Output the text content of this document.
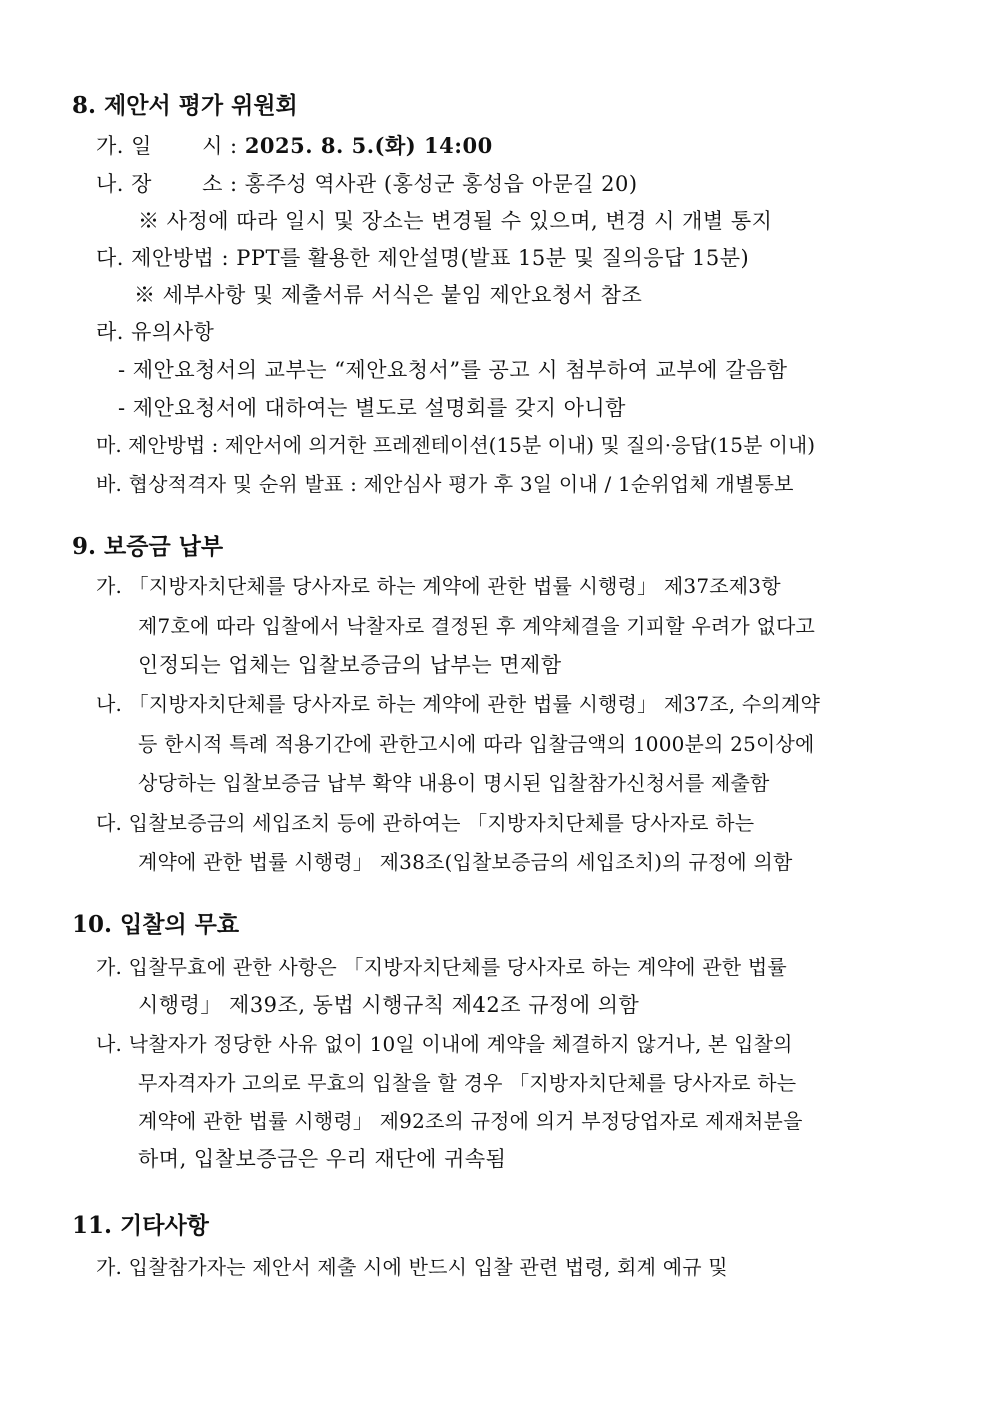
8. 제안서 평가 위원회
가. 일　 　시 : 2025. 8. 5.(화) 14:00
나. 장　 　소 : 홍주성 역사관 (홍성군 홍성읍 아문길 20)
※ 사정에 따라 일시 및 장소는 변경될 수 있으며, 변경 시 개별 통지
다. 제안방법 : PPT를 활용한 제안설명(발표 15분 및 질의응답 15분)
※ 세부사항 및 제출서류 서식은 붙임 제안요청서 참조
라. 유의사항
- 제안요청서의 교부는 “제안요청서”를 공고 시 첨부하여 교부에 갈음함
- 제안요청서에 대하여는 별도로 설명회를 갖지 아니함
마. 제안방법 : 제안서에 의거한 프레젠테이션(15분 이내) 및 질의·응답(15분 이내)
바. 협상적격자 및 순위 발표 : 제안심사 평가 후 3일 이내 / 1순위업체 개별통보
9. 보증금 납부
가. 「지방자치단체를 당사자로 하는 계약에 관한 법률 시행령」 제37조제3항
제7호에 따라 입찰에서 낙찰자로 결정된 후 계약체결을 기피할 우려가 없다고
인정되는 업체는 입찰보증금의 납부는 면제함
나. 「지방자치단체를 당사자로 하는 계약에 관한 법률 시행령」 제37조, 수의계약
등 한시적 특례 적용기간에 관한고시에 따라 입찰금액의 1000분의 25이상에
상당하는 입찰보증금 납부 확약 내용이 명시된 입찰참가신청서를 제출함
다. 입찰보증금의 세입조치 등에 관하여는 「지방자치단체를 당사자로 하는
계약에 관한 법률 시행령」 제38조(입찰보증금의 세입조치)의 규정에 의함
10. 입찰의 무효
가. 입찰무효에 관한 사항은 「지방자치단체를 당사자로 하는 계약에 관한 법률
시행령」 제39조, 동법 시행규칙 제42조 규정에 의함
나. 낙찰자가 정당한 사유 없이 10일 이내에 계약을 체결하지 않거나, 본 입찰의
무자격자가 고의로 무효의 입찰을 할 경우 「지방자치단체를 당사자로 하는
계약에 관한 법률 시행령」 제92조의 규정에 의거 부정당업자로 제재처분을
하며, 입찰보증금은 우리 재단에 귀속됨
11. 기타사항
가. 입찰참가자는 제안서 제출 시에 반드시 입찰 관련 법령, 회계 예규 및
